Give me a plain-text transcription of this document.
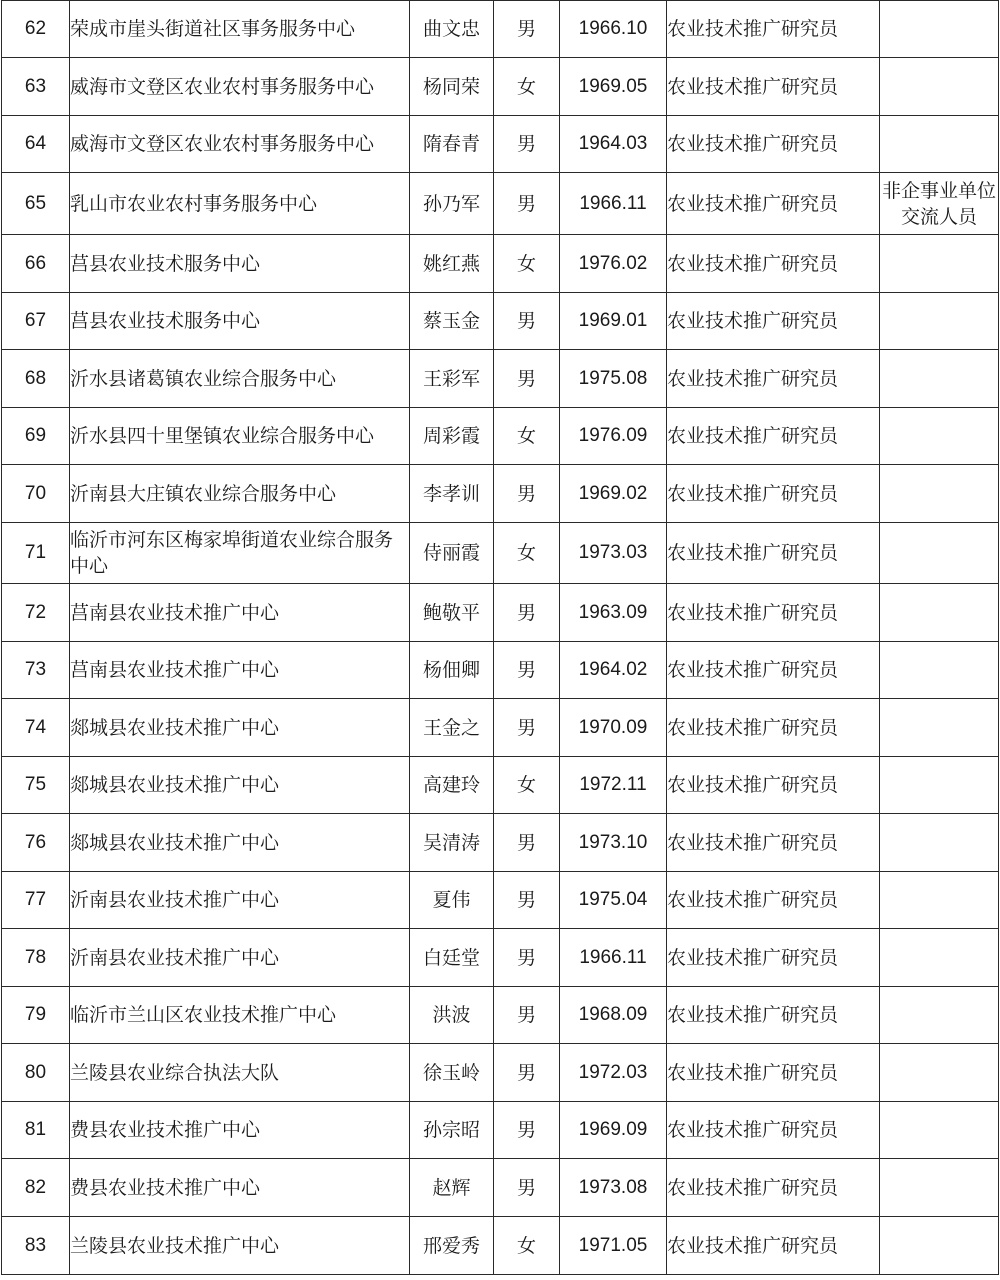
62	荣成市崖头街道社区事务服务中心	曲文忠	男	1966.10	农业技术推广研究员	
63	威海市文登区农业农村事务服务中心	杨同荣	女	1969.05	农业技术推广研究员	
64	威海市文登区农业农村事务服务中心	隋春青	男	1964.03	农业技术推广研究员	
65	乳山市农业农村事务服务中心	孙乃军	男	1966.11	农业技术推广研究员	非企事业单位交流人员
66	莒县农业技术服务中心	姚红燕	女	1976.02	农业技术推广研究员	
67	莒县农业技术服务中心	蔡玉金	男	1969.01	农业技术推广研究员	
68	沂水县诸葛镇农业综合服务中心	王彩军	男	1975.08	农业技术推广研究员	
69	沂水县四十里堡镇农业综合服务中心	周彩霞	女	1976.09	农业技术推广研究员	
70	沂南县大庄镇农业综合服务中心	李孝训	男	1969.02	农业技术推广研究员	
71	临沂市河东区梅家埠街道农业综合服务中心	侍丽霞	女	1973.03	农业技术推广研究员	
72	莒南县农业技术推广中心	鲍敬平	男	1963.09	农业技术推广研究员	
73	莒南县农业技术推广中心	杨佃卿	男	1964.02	农业技术推广研究员	
74	郯城县农业技术推广中心	王金之	男	1970.09	农业技术推广研究员	
75	郯城县农业技术推广中心	高建玲	女	1972.11	农业技术推广研究员	
76	郯城县农业技术推广中心	吴清涛	男	1973.10	农业技术推广研究员	
77	沂南县农业技术推广中心	夏伟	男	1975.04	农业技术推广研究员	
78	沂南县农业技术推广中心	白廷堂	男	1966.11	农业技术推广研究员	
79	临沂市兰山区农业技术推广中心	洪波	男	1968.09	农业技术推广研究员	
80	兰陵县农业综合执法大队	徐玉岭	男	1972.03	农业技术推广研究员	
81	费县农业技术推广中心	孙宗昭	男	1969.09	农业技术推广研究员	
82	费县农业技术推广中心	赵辉	男	1973.08	农业技术推广研究员	
83	兰陵县农业技术推广中心	邢爱秀	女	1971.05	农业技术推广研究员	
